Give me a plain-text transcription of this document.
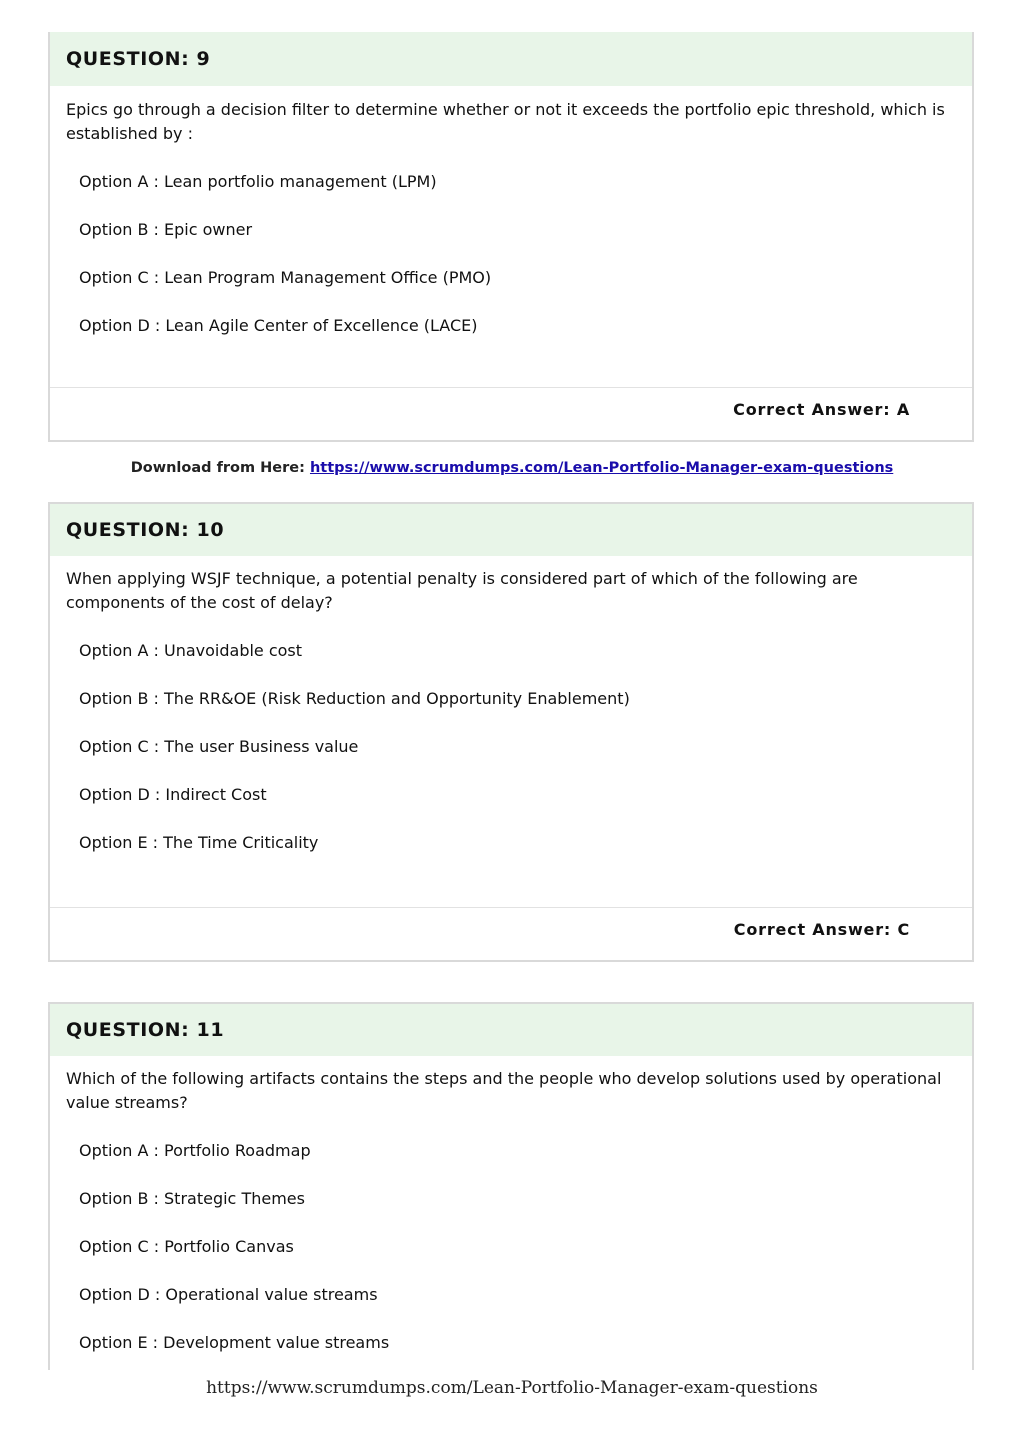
QUESTION: 9
Epics go through a decision filter to determine whether or not it exceeds the portfolio epic threshold, which is established by :
Option A : Lean portfolio management (LPM)
Option B : Epic owner
Option C : Lean Program Management Office (PMO)
Option D : Lean Agile Center of Excellence (LACE)
Correct Answer: A
Download from Here: https://www.scrumdumps.com/Lean-Portfolio-Manager-exam-questions
QUESTION: 10
When applying WSJF technique, a potential penalty is considered part of which of the following are components of the cost of delay?
Option A : Unavoidable cost
Option B : The RR&OE (Risk Reduction and Opportunity Enablement)
Option C : The user Business value
Option D : Indirect Cost
Option E : The Time Criticality
Correct Answer: C
QUESTION: 11
Which of the following artifacts contains the steps and the people who develop solutions used by operational value streams?
Option A : Portfolio Roadmap
Option B : Strategic Themes
Option C : Portfolio Canvas
Option D : Operational value streams
Option E : Development value streams
https://www.scrumdumps.com/Lean-Portfolio-Manager-exam-questions
